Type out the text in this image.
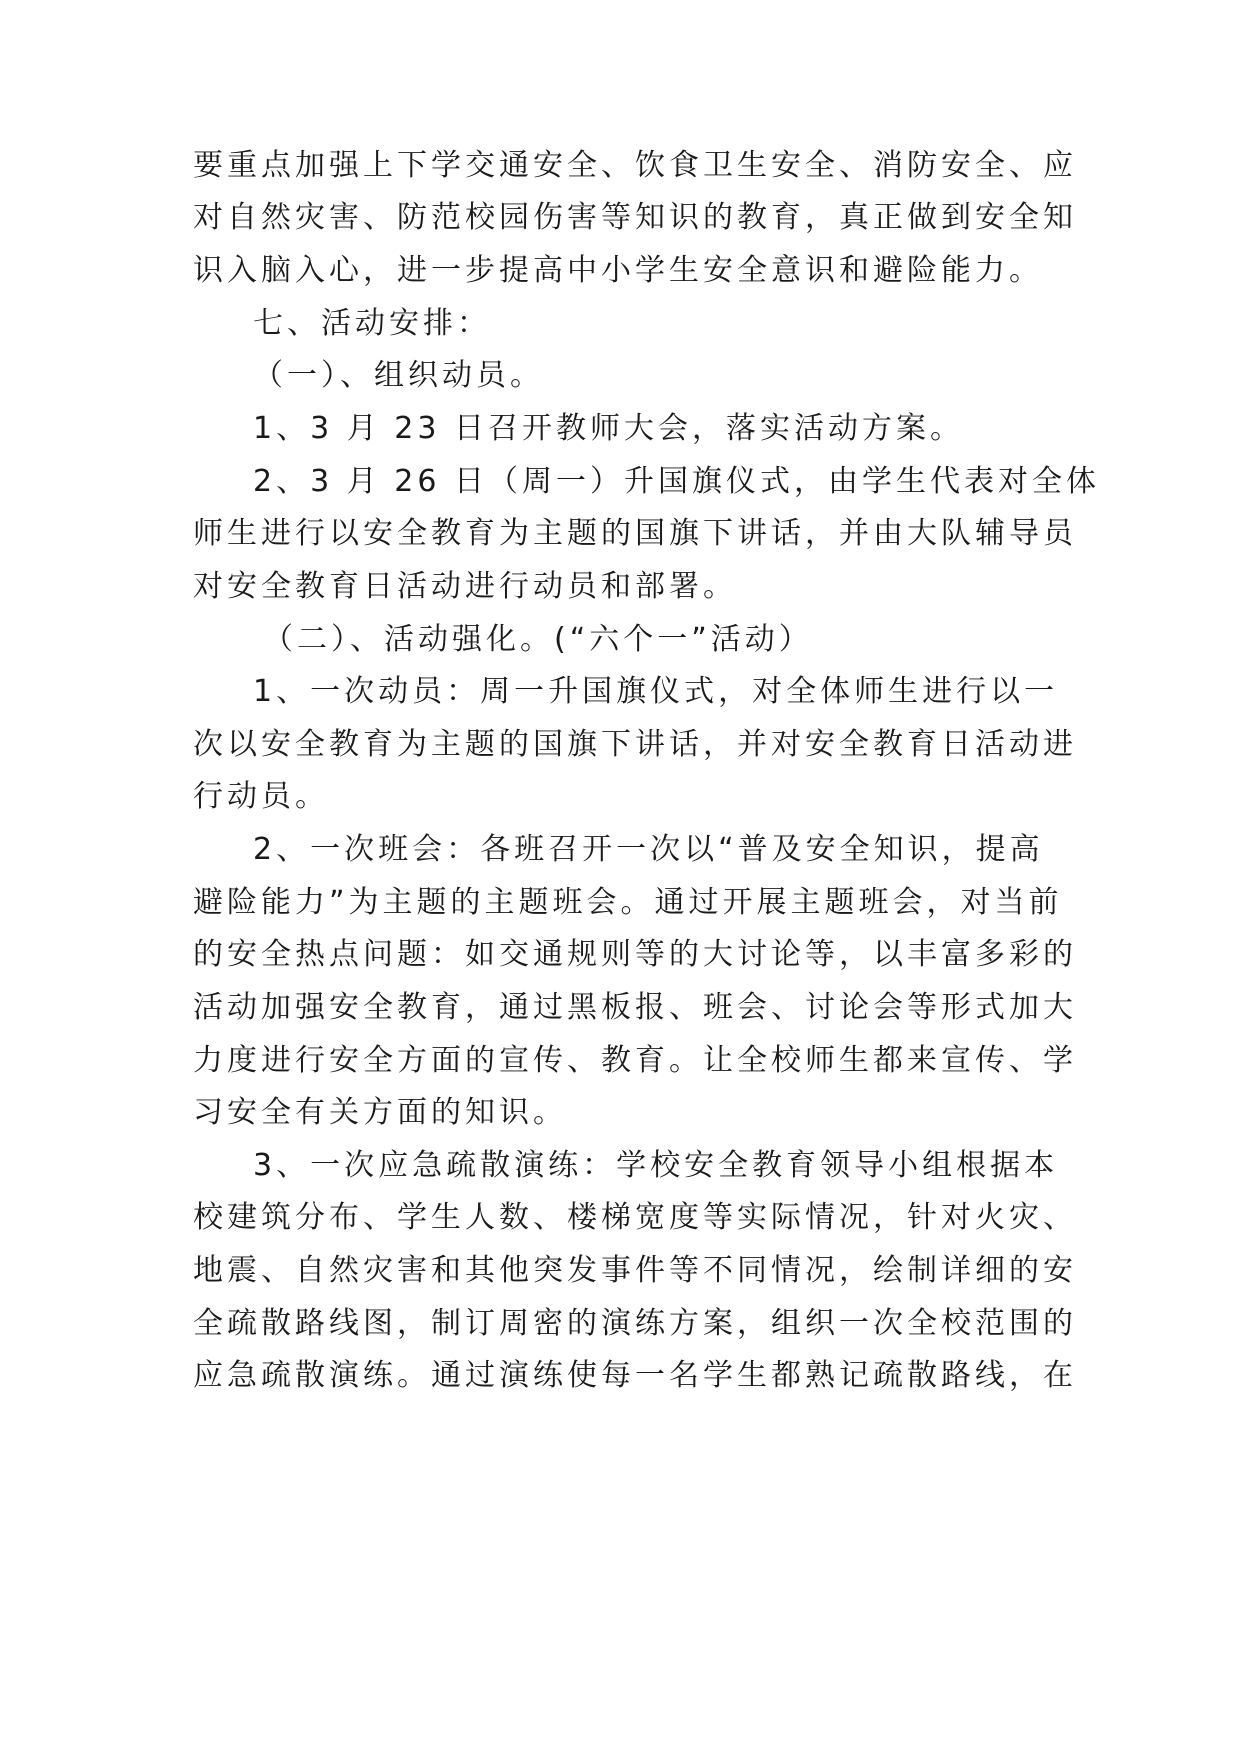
要重点加强上下学交通安全、饮食卫生安全、消防安全、应

对自然灾害、防范校园伤害等知识的教育，真正做到安全知

识入脑入心，进一步提高中小学生安全意识和避险能力。

七、活动安排：

（一）、组织动员。

1、3 月 23 日召开教师大会，落实活动方案。

2、3 月 26 日（周一）升国旗仪式，由学生代表对全体

师生进行以安全教育为主题的国旗下讲话，并由大队辅导员

对安全教育日活动进行动员和部署。

（二）、活动强化。(“六个一”活动）

1、一次动员：周一升国旗仪式，对全体师生进行以一

次以安全教育为主题的国旗下讲话，并对安全教育日活动进

行动员。

2、一次班会：各班召开一次以“普及安全知识，提高

避险能力”为主题的主题班会。通过开展主题班会，对当前

的安全热点问题：如交通规则等的大讨论等，以丰富多彩的

活动加强安全教育，通过黑板报、班会、讨论会等形式加大

力度进行安全方面的宣传、教育。让全校师生都来宣传、学

习安全有关方面的知识。

3、一次应急疏散演练：学校安全教育领导小组根据本

校建筑分布、学生人数、楼梯宽度等实际情况，针对火灾、

地震、自然灾害和其他突发事件等不同情况，绘制详细的安

全疏散路线图，制订周密的演练方案，组织一次全校范围的

应急疏散演练。通过演练使每一名学生都熟记疏散路线，在
